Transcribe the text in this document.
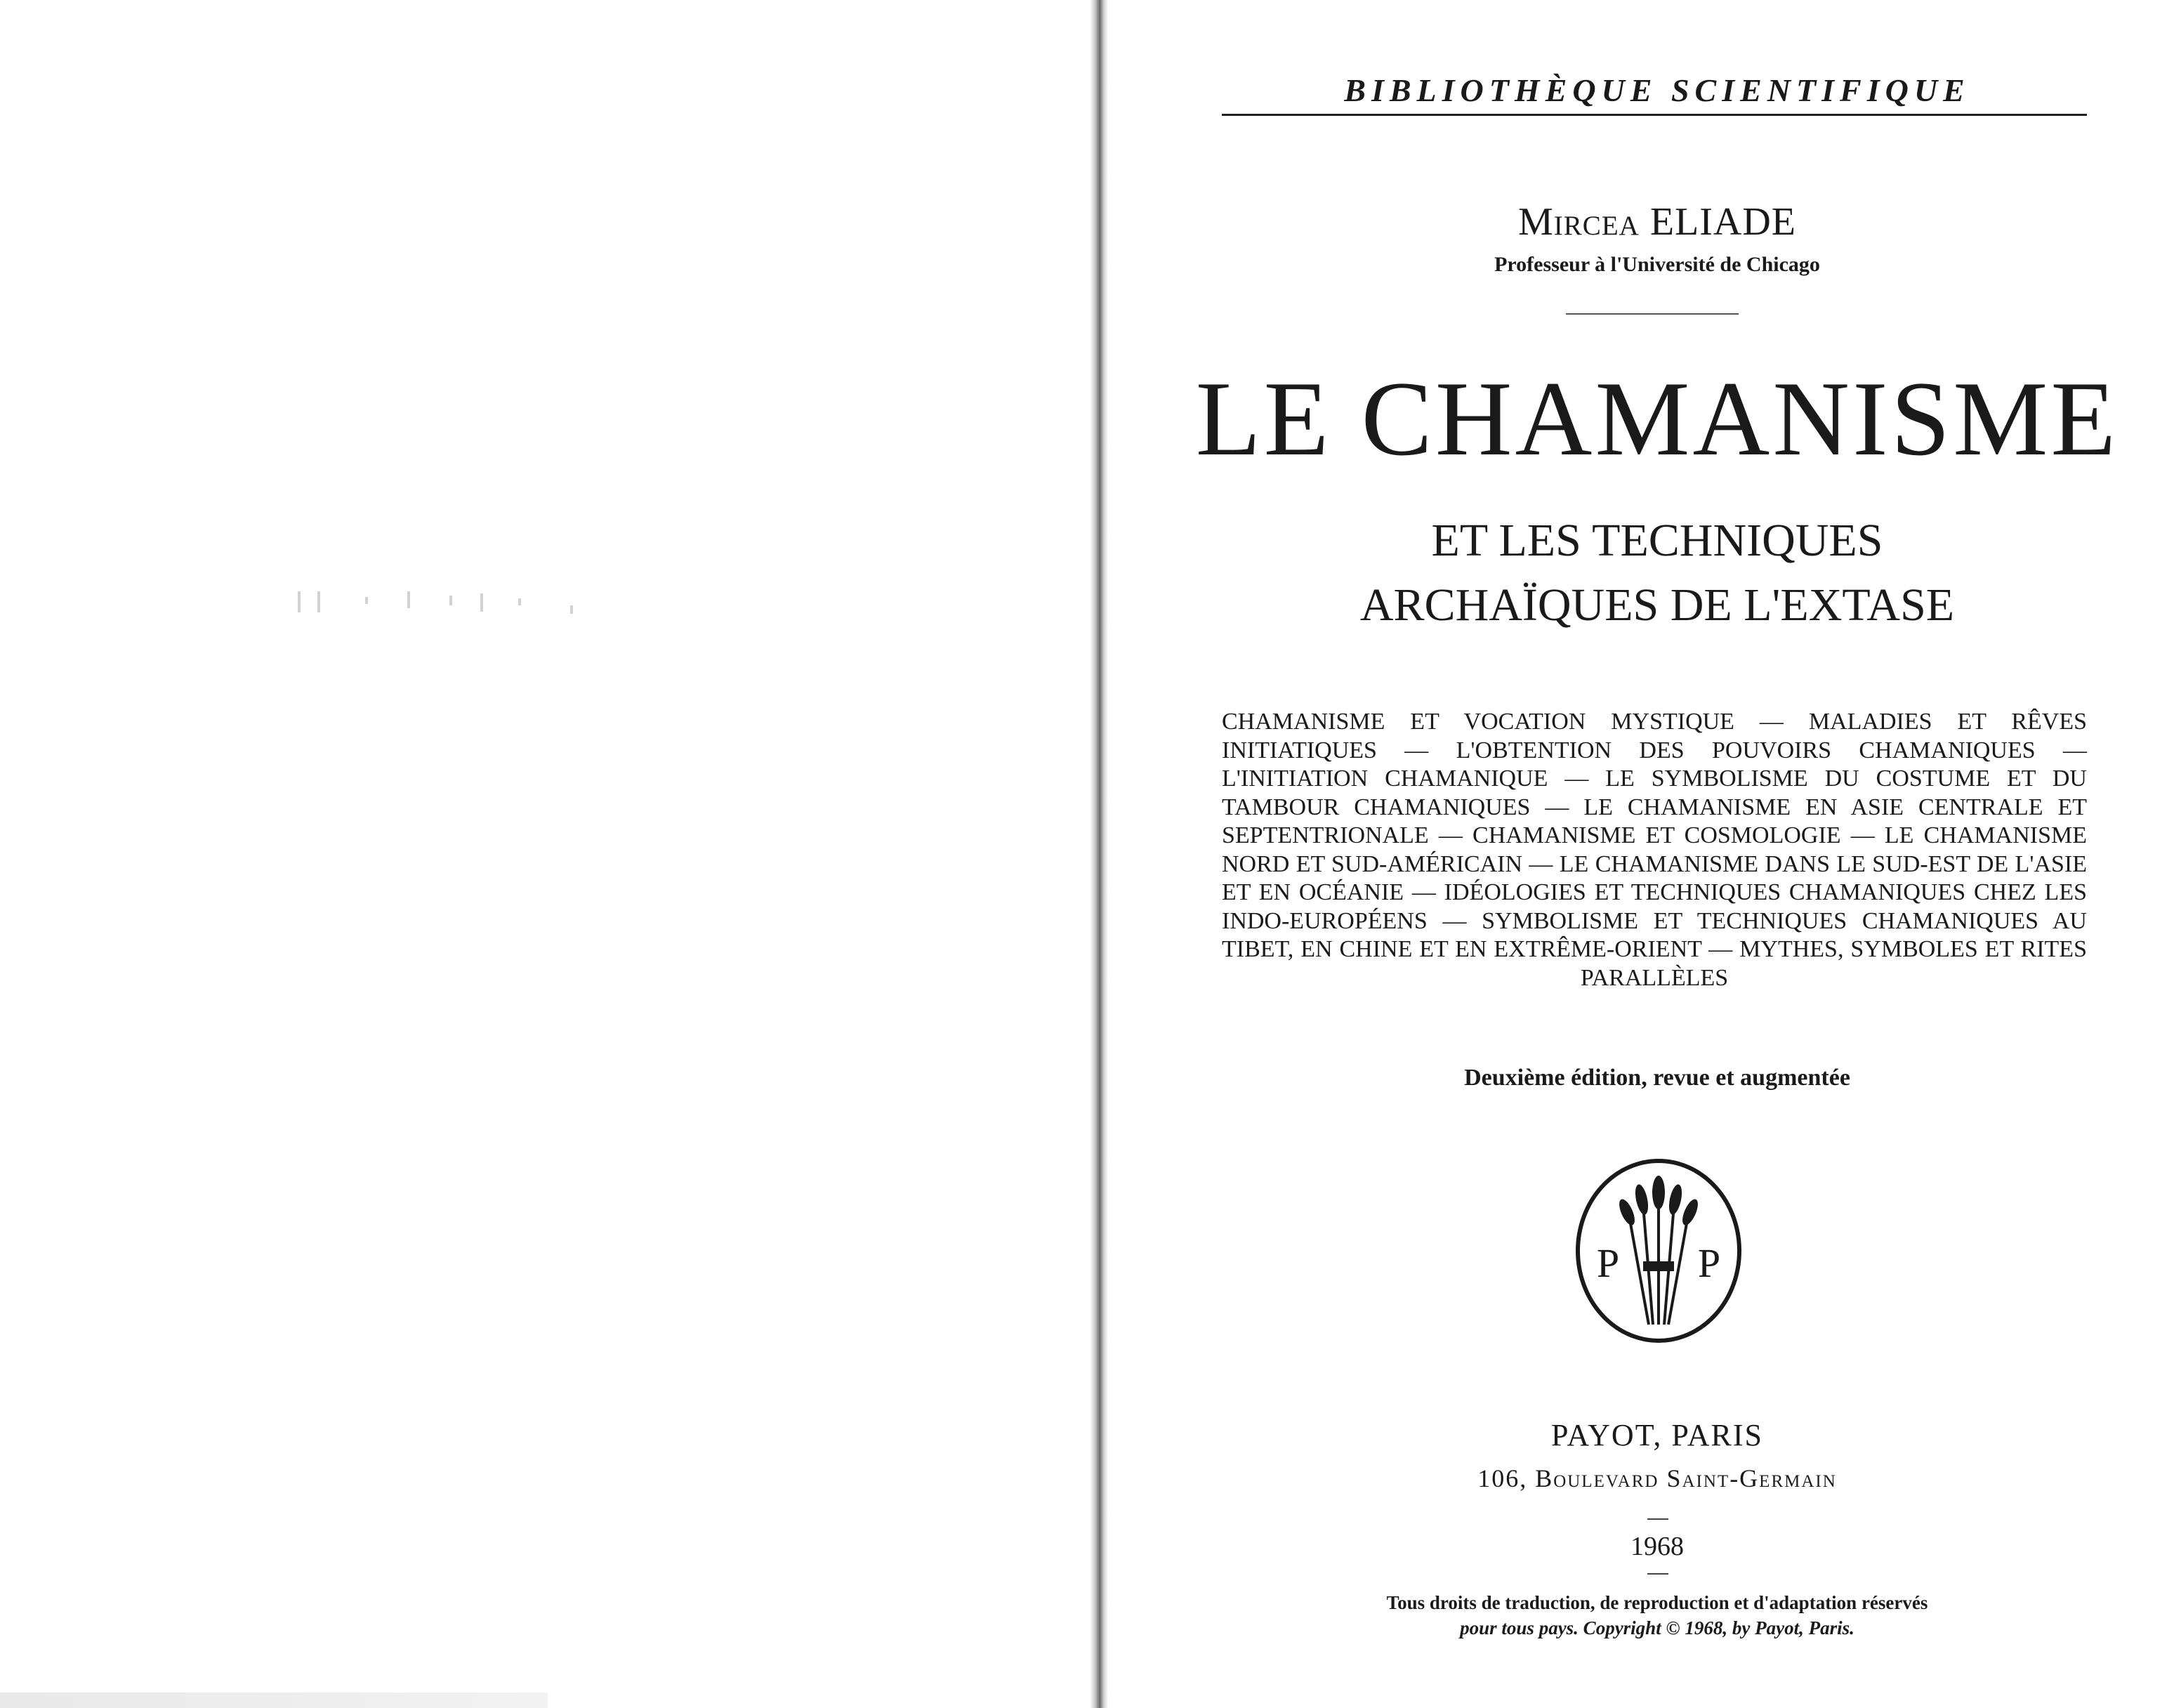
BIBLIOTHÈQUE SCIENTIFIQUE
Mircea ELIADE
Professeur à l'Université de Chicago
LE CHAMANISME
ET LES TECHNIQUES
ARCHAÏQUES DE L'EXTASE
CHAMANISME ET VOCATION MYSTIQUE — MALADIES ET RÊVES INITIATIQUES — L'OBTENTION DES POUVOIRS CHAMANIQUES — L'INITIATION CHAMANIQUE — LE SYMBOLISME DU COSTUME ET DU TAMBOUR CHAMANIQUES — LE CHAMANISME EN ASIE CENTRALE ET SEPTENTRIONALE — CHAMANISME ET COSMOLOGIE — LE CHAMANISME NORD ET SUD-AMÉRICAIN — LE CHAMANISME DANS LE SUD-EST DE L'ASIE ET EN OCÉANIE — IDÉOLOGIES ET TECHNIQUES CHAMANIQUES CHEZ LES INDO-EUROPÉENS — SYMBOLISME ET TECHNIQUES CHAMANIQUES AU TIBET, EN CHINE ET EN EXTRÊME-ORIENT — MYTHES, SYMBOLES ET RITES PARALLÈLES
Deuxième édition, revue et augmentée
P P
PAYOT, PARIS
106, Boulevard Saint-Germain
1968
Tous droits de traduction, de reproduction et d'adaptation réservés
pour tous pays. Copyright © 1968, by Payot, Paris.
